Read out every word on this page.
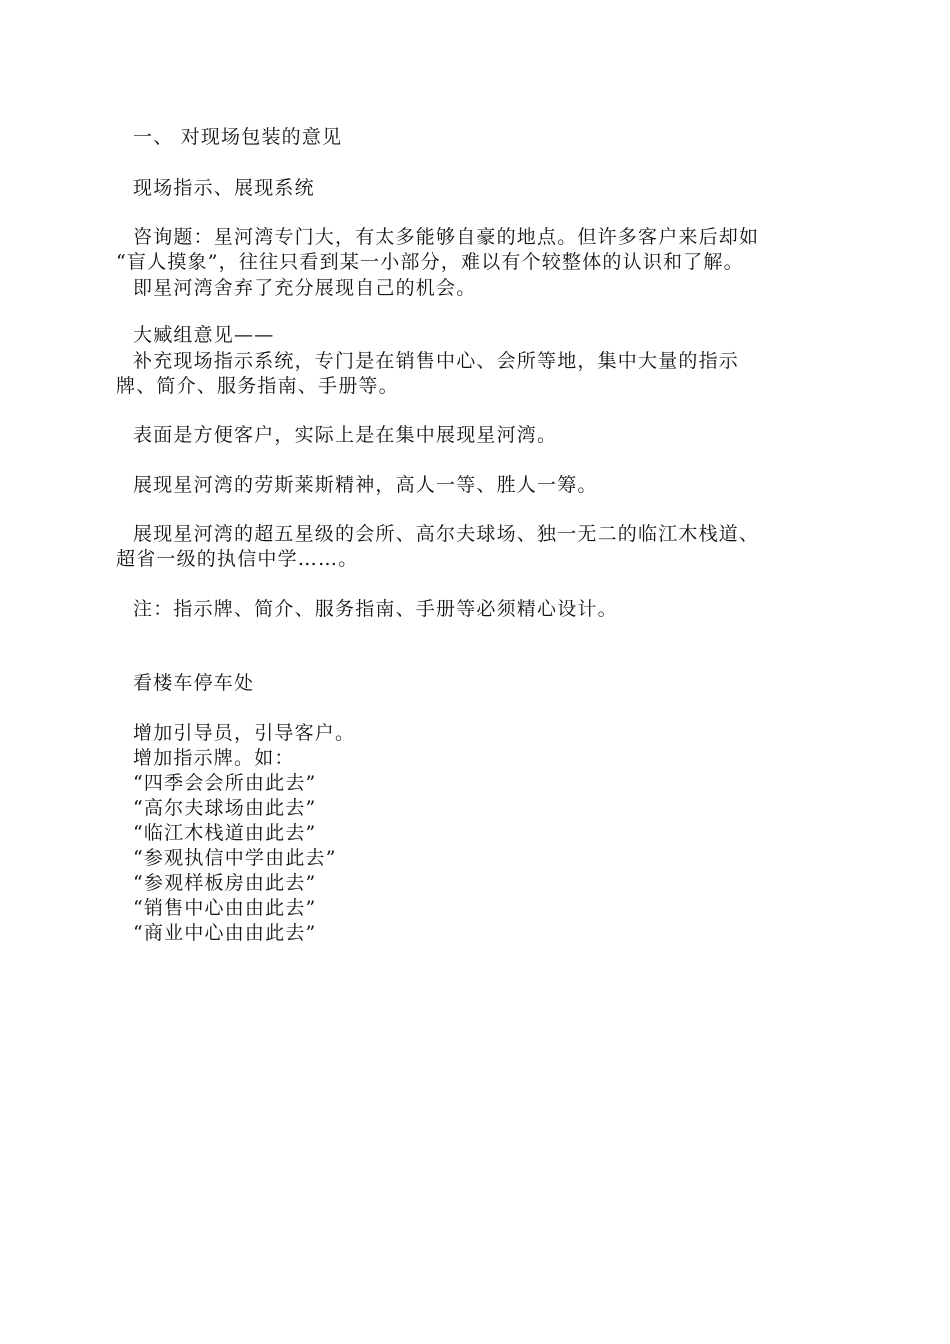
一、 对现场包装的意见
现场指示、展现系统
咨询题：星河湾专门大，有太多能够自豪的地点。但许多客户来后却如
“盲人摸象”，往往只看到某一小部分，难以有个较整体的认识和了解。
即星河湾舍弃了充分展现自己的机会。
大臧组意见——
补充现场指示系统，专门是在销售中心、会所等地，集中大量的指示
牌、简介、服务指南、手册等。
表面是方便客户，实际上是在集中展现星河湾。
展现星河湾的劳斯莱斯精神，高人一等、胜人一筹。
展现星河湾的超五星级的会所、高尔夫球场、独一无二的临江木栈道、
超省一级的执信中学……。
注：指示牌、简介、服务指南、手册等必须精心设计。
看楼车停车处
增加引导员，引导客户。
增加指示牌。如：
“四季会会所由此去”
“高尔夫球场由此去”
“临江木栈道由此去”
“参观执信中学由此去”
“参观样板房由此去”
“销售中心由由此去”
“商业中心由由此去”
